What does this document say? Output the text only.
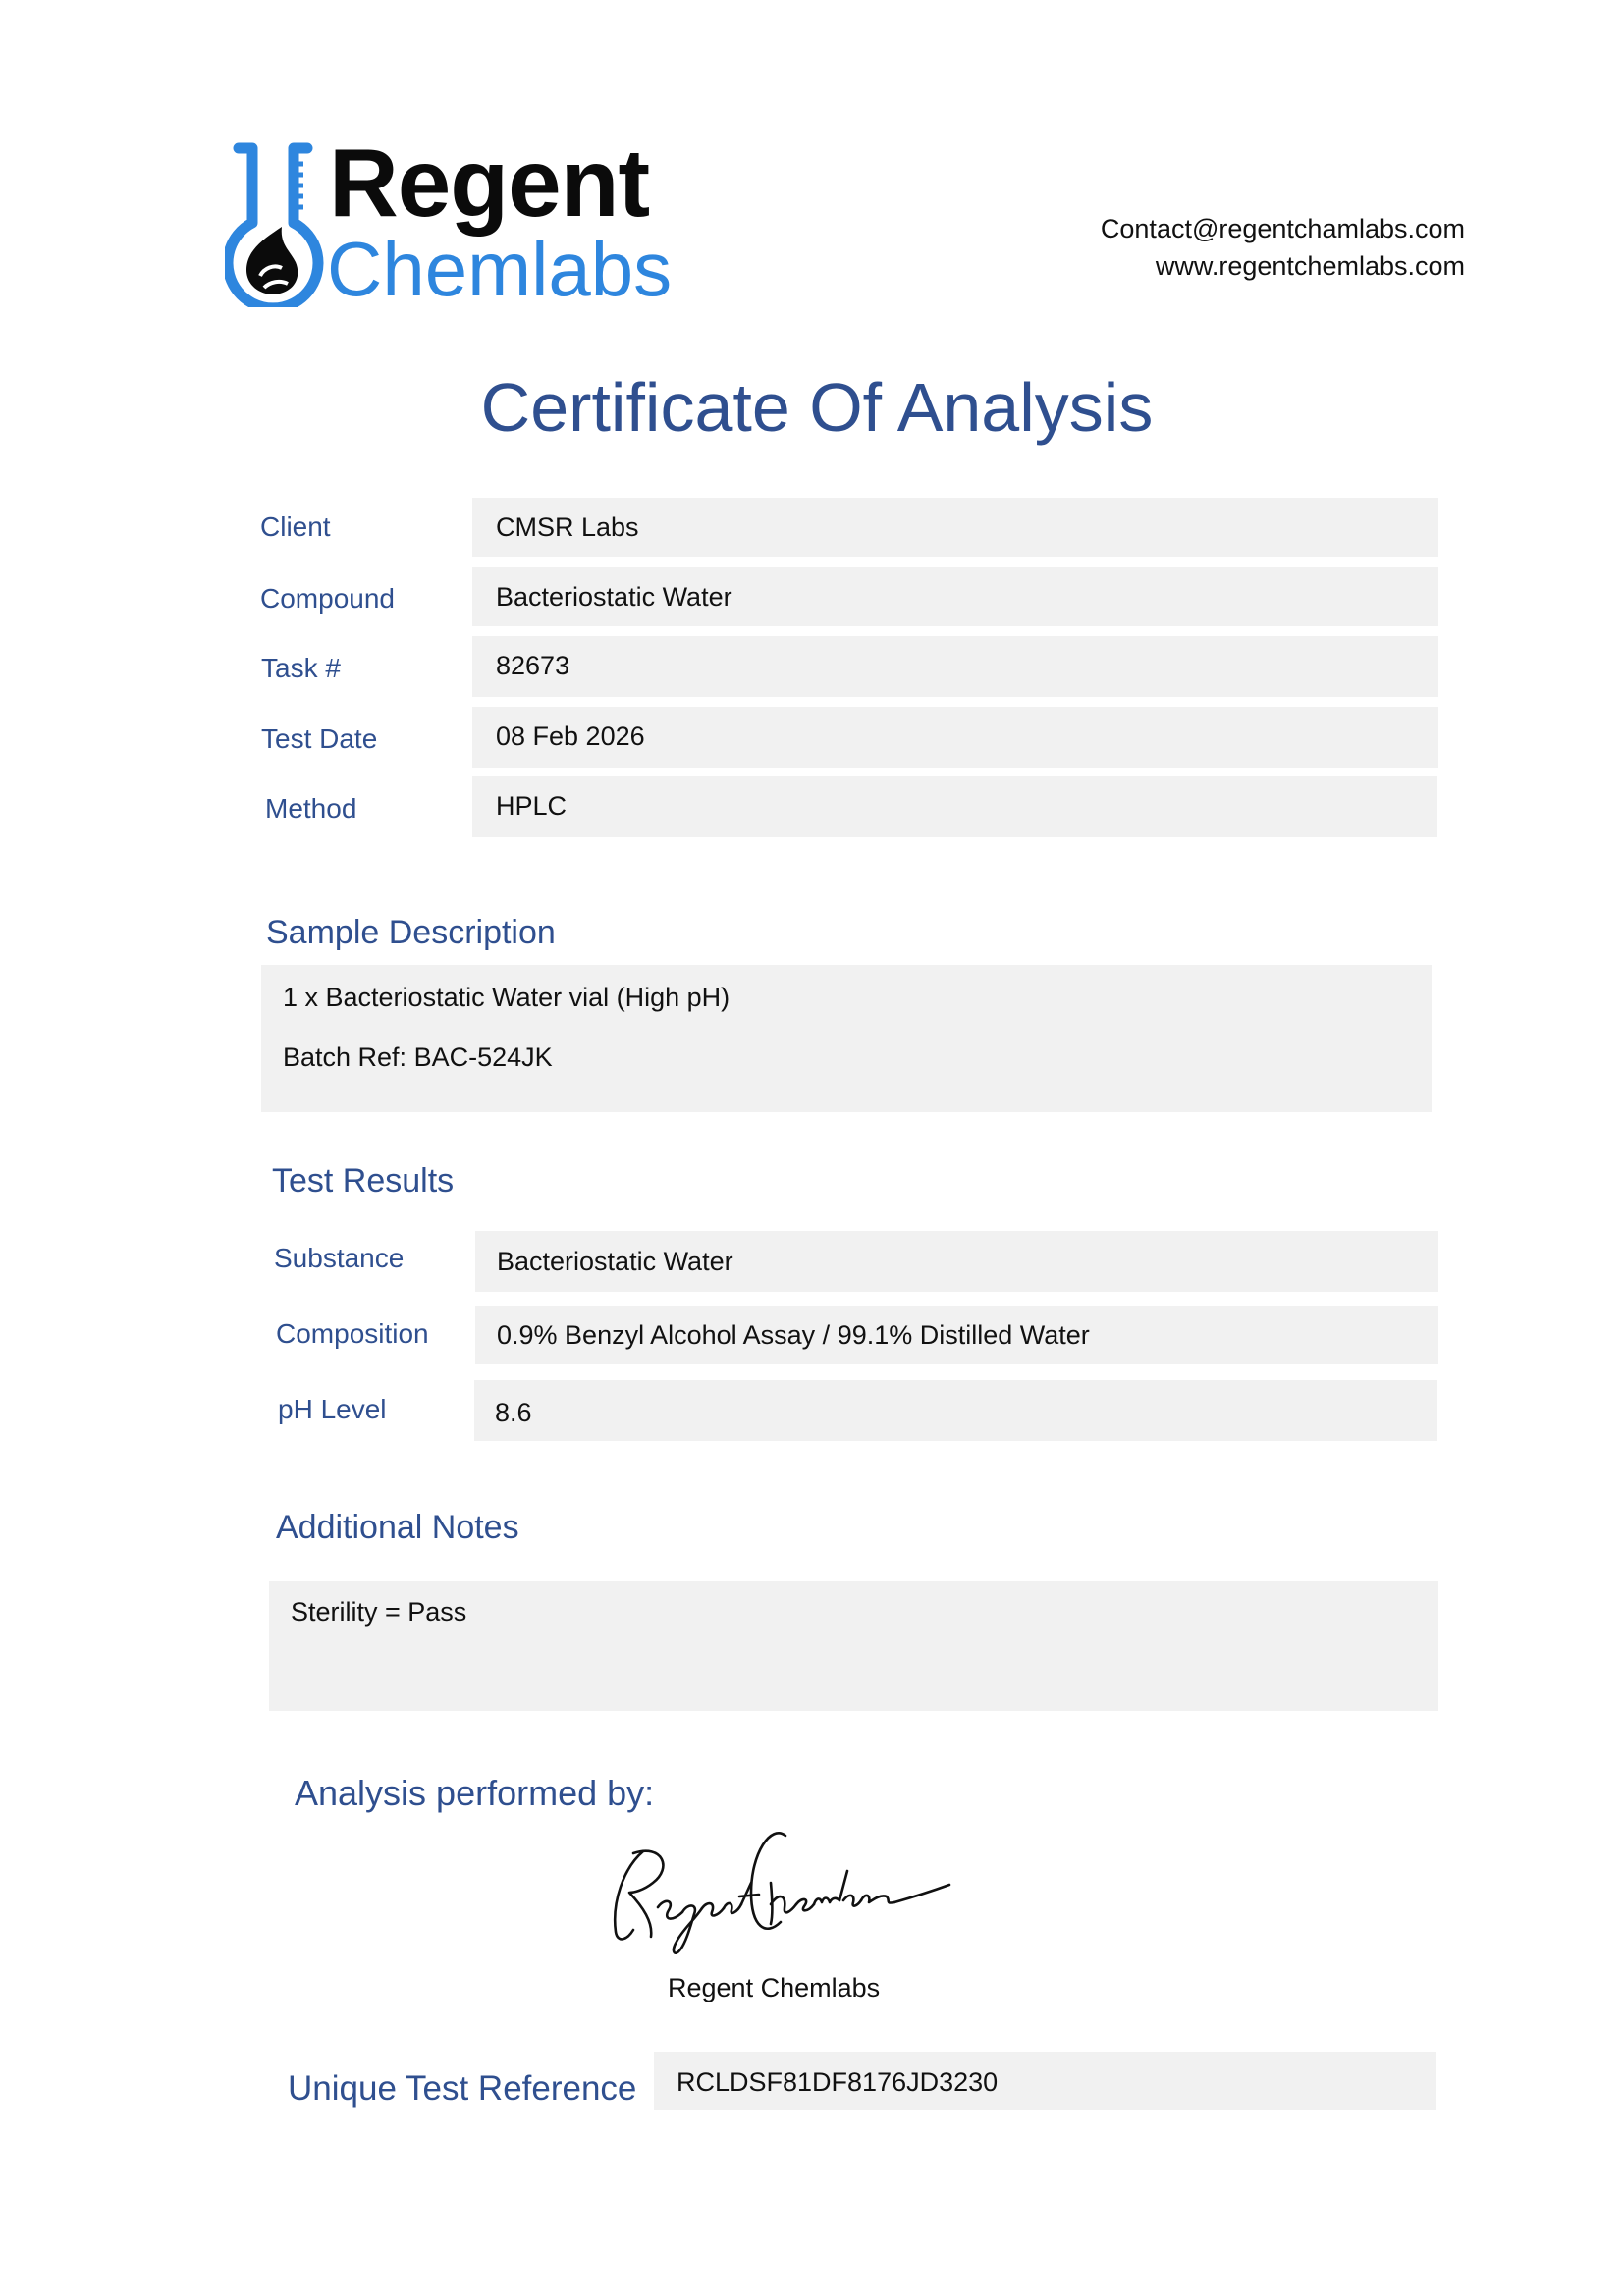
Regent
Chemlabs	Contact@regentchamlabs.com
www.regentchemlabs.com
Certificate Of Analysis
Client	CMSR Labs
Compound	Bacteriostatic Water
Task #	82673
Test Date	08 Feb 2026
Method	HPLC
Sample Description
1 x Bacteriostatic Water vial (High pH)
Batch Ref: BAC-524JK
Test Results
Substance	Bacteriostatic Water
Composition	0.9% Benzyl Alcohol Assay / 99.1% Distilled Water
pH Level	8.6
Additional Notes
Sterility = Pass
Analysis performed by:
Regent Chemlabs
Unique Test Reference RCLDSF81DF8176JD3230
